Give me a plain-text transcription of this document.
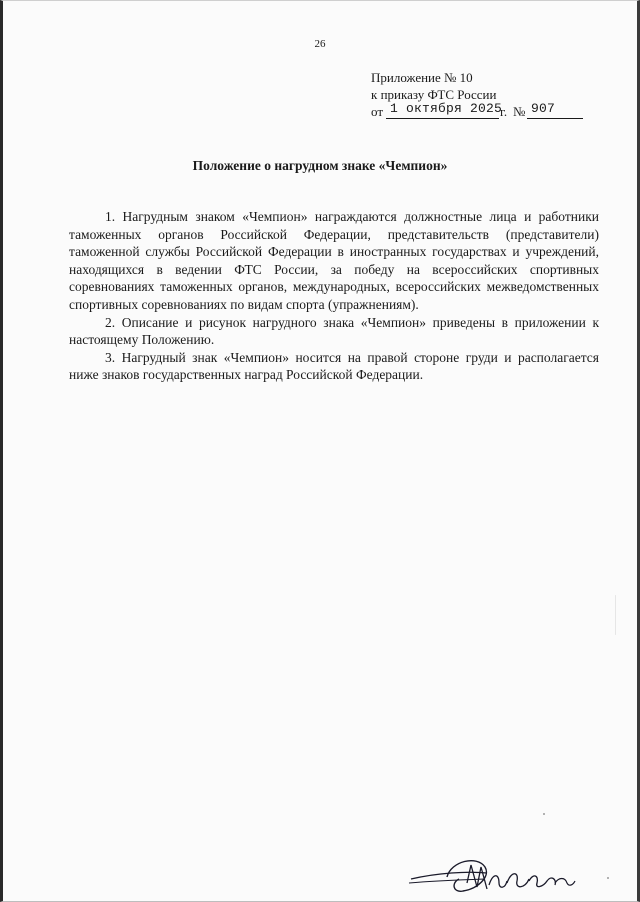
26
Приложение № 10
к приказу ФТС России
от 1 октября 2025
г. № 907
Положение о нагрудном знаке «Чемпион»

1. Нагрудным знаком «Чемпион» награждаются должностные лица и работники таможенных органов Российской Федерации, представительств (представители) таможенной службы Российской Федерации в иностранных государствах и учреждений, находящихся в ведении ФТС России, за победу на всероссийских спортивных соревнованиях таможенных органов, международных, всероссийских межведомственных спортивных соревнованиях по видам спорта (упражнениям).

2. Описание и рисунок нагрудного знака «Чемпион» приведены в приложении к настоящему Положению.

3. Нагрудный знак «Чемпион» носится на правой стороне груди и располагается ниже знаков государственных наград Российской Федерации.
